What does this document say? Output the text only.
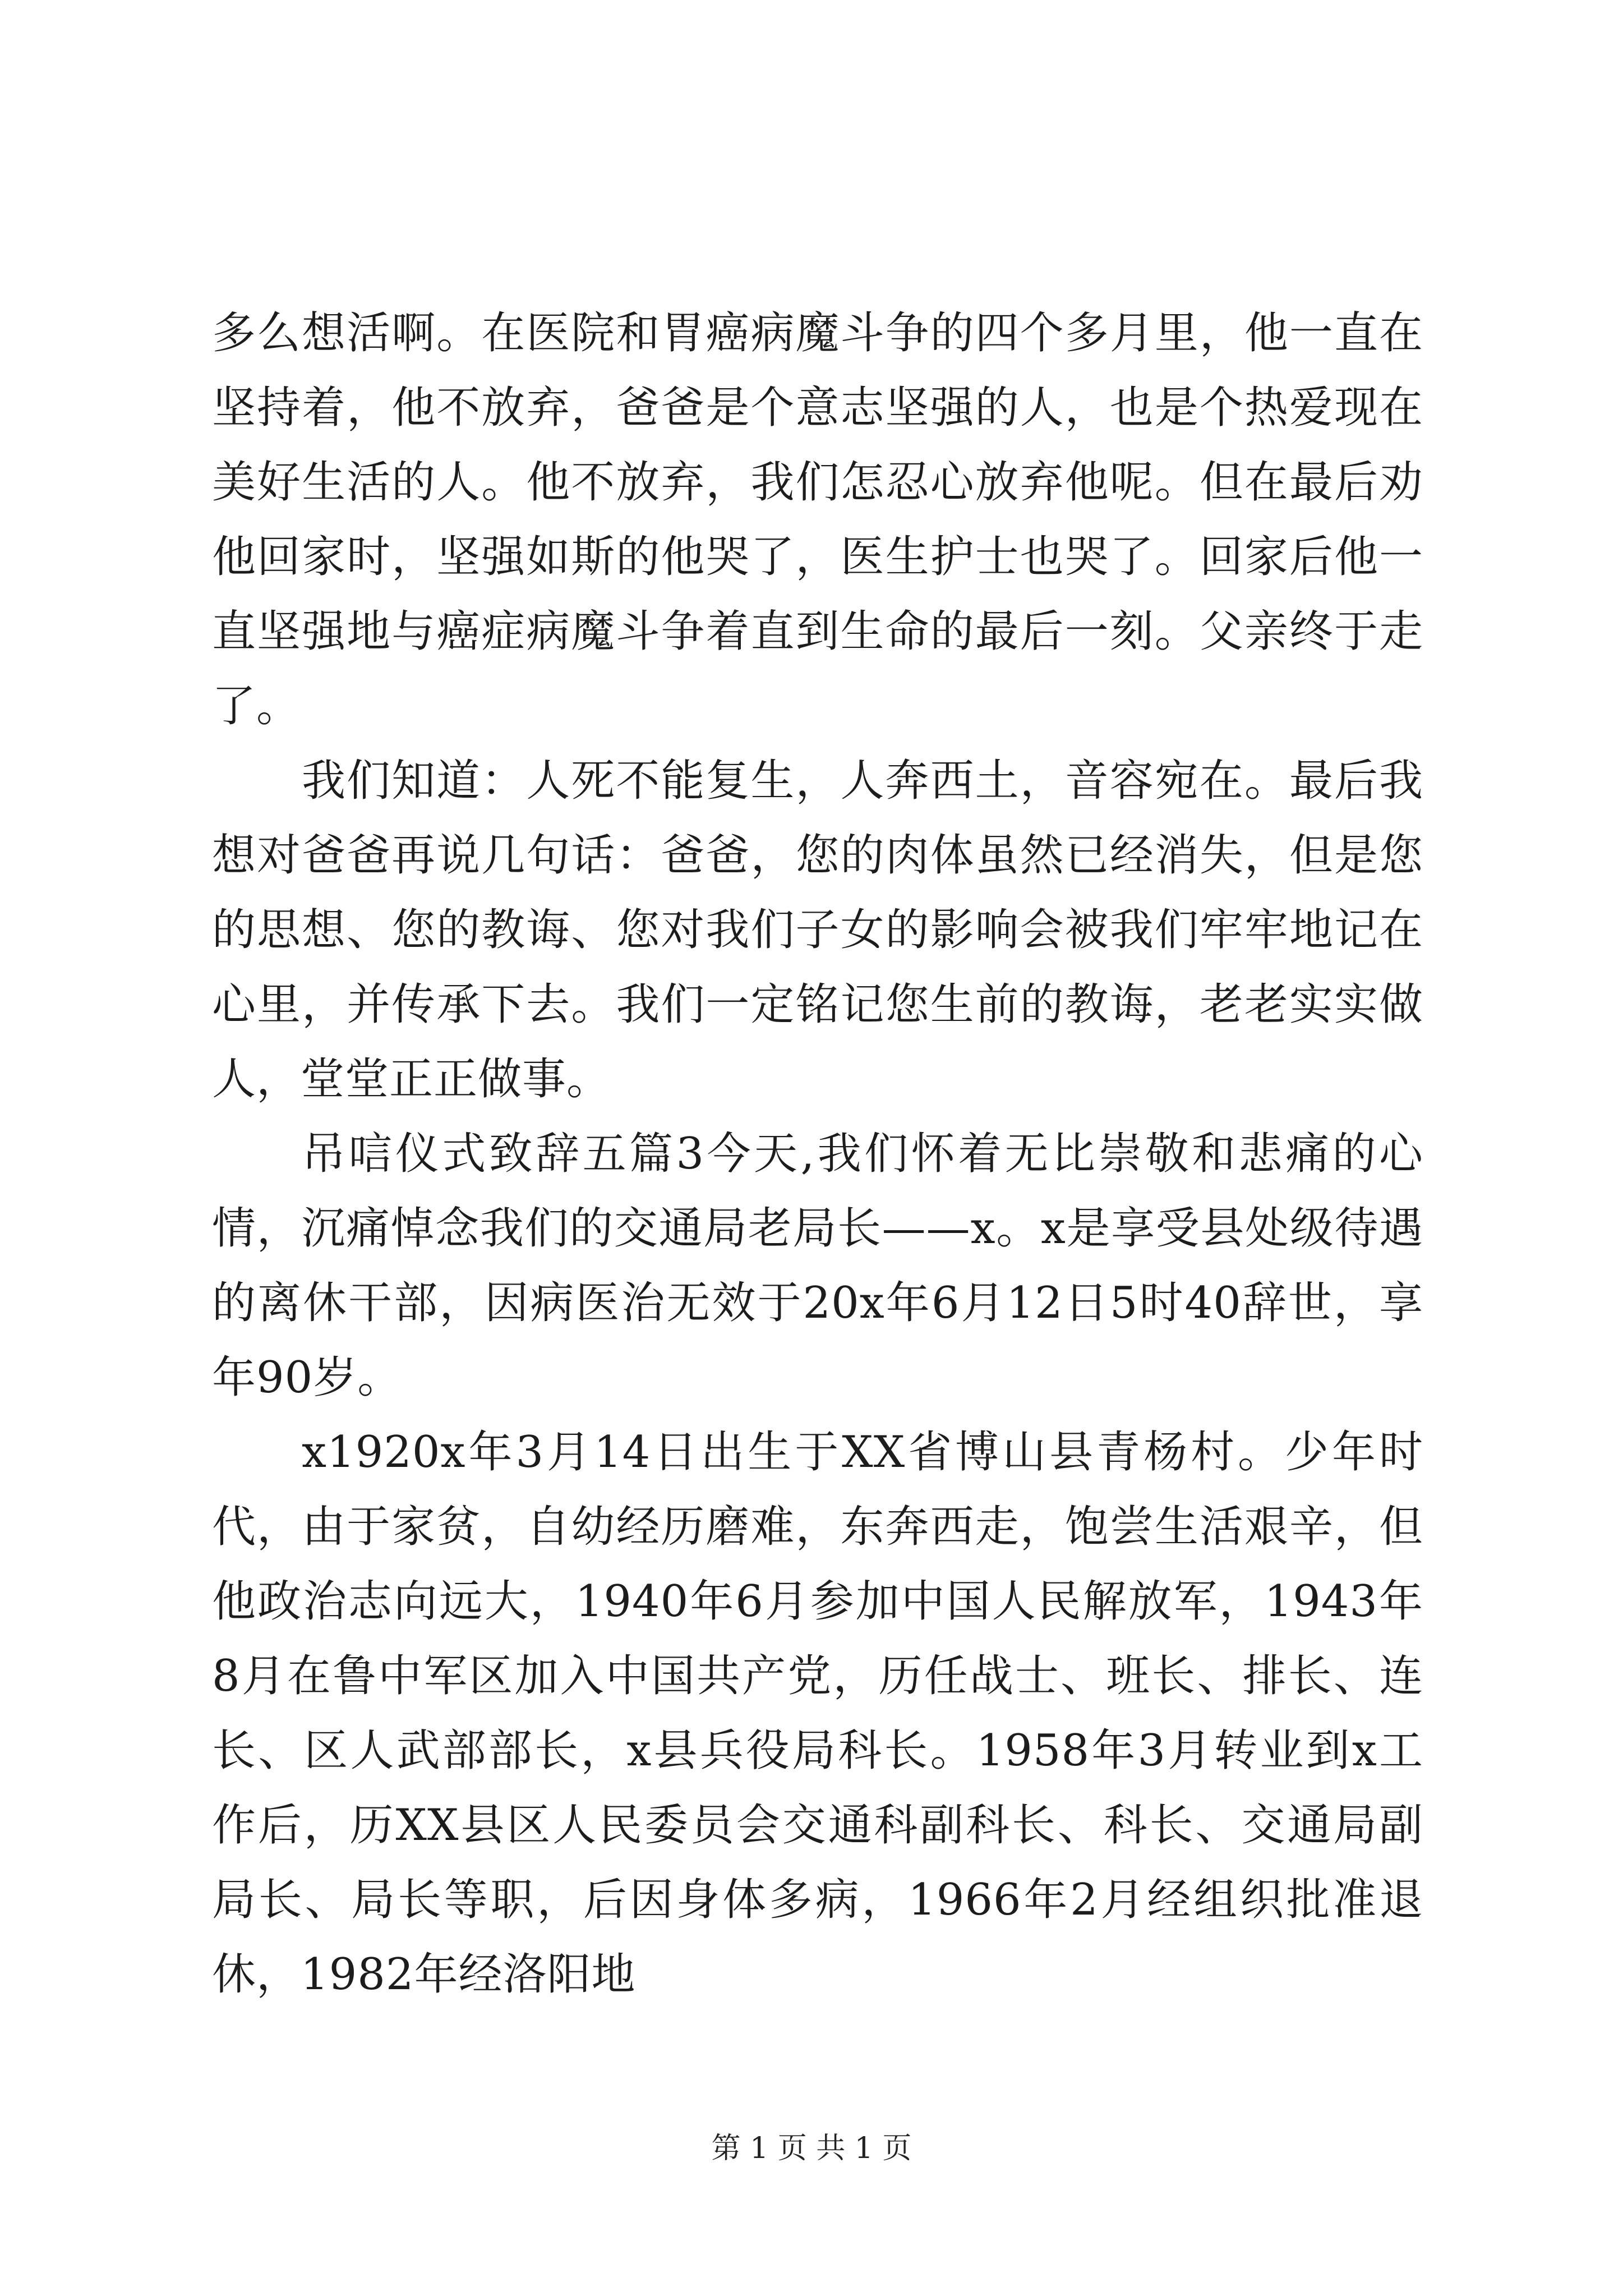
多么想活啊。在医院和胃癌病魔斗争的四个多月里，他一直在坚持着，他不放弃，爸爸是个意志坚强的人，也是个热爱现在美好生活的人。他不放弃，我们怎忍心放弃他呢。但在最后劝他回家时，坚强如斯的他哭了，医生护士也哭了。回家后他一直坚强地与癌症病魔斗争着直到生命的最后一刻。父亲终于走了。

我们知道：人死不能复生，人奔西土，音容宛在。最后我想对爸爸再说几句话：爸爸，您的肉体虽然已经消失，但是您的思想、您的教诲、您对我们子女的影响会被我们牢牢地记在心里，并传承下去。我们一定铭记您生前的教诲，老老实实做人，堂堂正正做事。

吊唁仪式致辞五篇3今天,我们怀着无比崇敬和悲痛的心情，沉痛悼念我们的交通局老局长——x。x是享受县处级待遇的离休干部，因病医治无效于20x年6月12日5时40辞世，享年90岁。

x1920x年3月14日出生于XX省博山县青杨村。少年时代，由于家贫，自幼经历磨难，东奔西走，饱尝生活艰辛，但他政治志向远大，1940年6月参加中国人民解放军，1943年8月在鲁中军区加入中国共产党，历任战士、班长、排长、连长、区人武部部长，x县兵役局科长。1958年3月转业到x工作后，历XX县区人民委员会交通科副科长、科长、交通局副局长、局长等职，后因身体多病，1966年2月经组织批准退休，1982年经洛阳地

第 1 页 共 1 页
